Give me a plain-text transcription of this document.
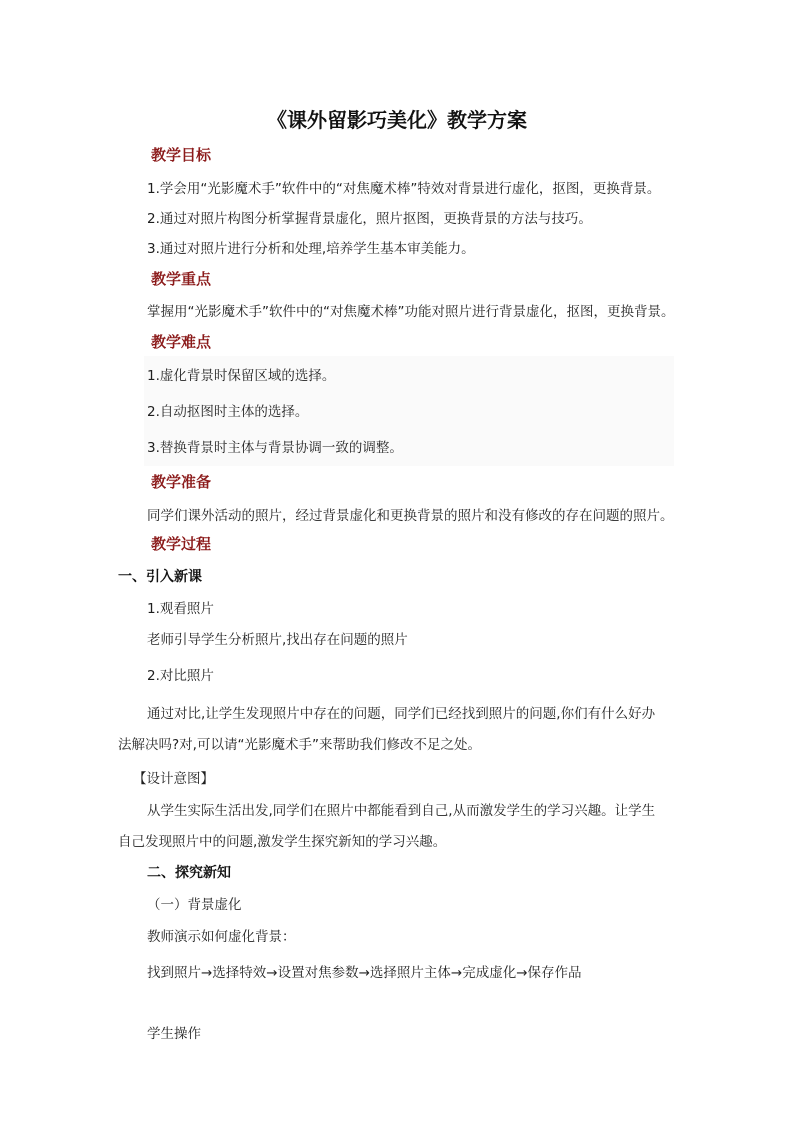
《课外留影巧美化》教学方案
教学目标
1.学会用“光影魔术手”软件中的“对焦魔术棒”特效对背景进行虚化，抠图，更换背景。
2.通过对照片构图分析掌握背景虚化，照片抠图，更换背景的方法与技巧。
3.通过对照片进行分析和处理,培养学生基本审美能力。
教学重点
掌握用“光影魔术手”软件中的“对焦魔术棒”功能对照片进行背景虚化，抠图，更换背景。
教学难点
1.虚化背景时保留区域的选择。
2.自动抠图时主体的选择。
3.替换背景时主体与背景协调一致的调整。
教学准备
同学们课外活动的照片，经过背景虚化和更换背景的照片和没有修改的存在问题的照片。
教学过程
一、引入新课
1.观看照片
老师引导学生分析照片,找出存在问题的照片
2.对比照片
通过对比,让学生发现照片中存在的问题，同学们已经找到照片的问题,你们有什么好办
法解决吗?对,可以请“光影魔术手”来帮助我们修改不足之处。
【设计意图】
从学生实际生活出发,同学们在照片中都能看到自己,从而激发学生的学习兴趣。让学生
自己发现照片中的问题,激发学生探究新知的学习兴趣。
二、探究新知
（一）背景虚化
教师演示如何虚化背景：
找到照片→选择特效→设置对焦参数→选择照片主体→完成虚化→保存作品
学生操作
